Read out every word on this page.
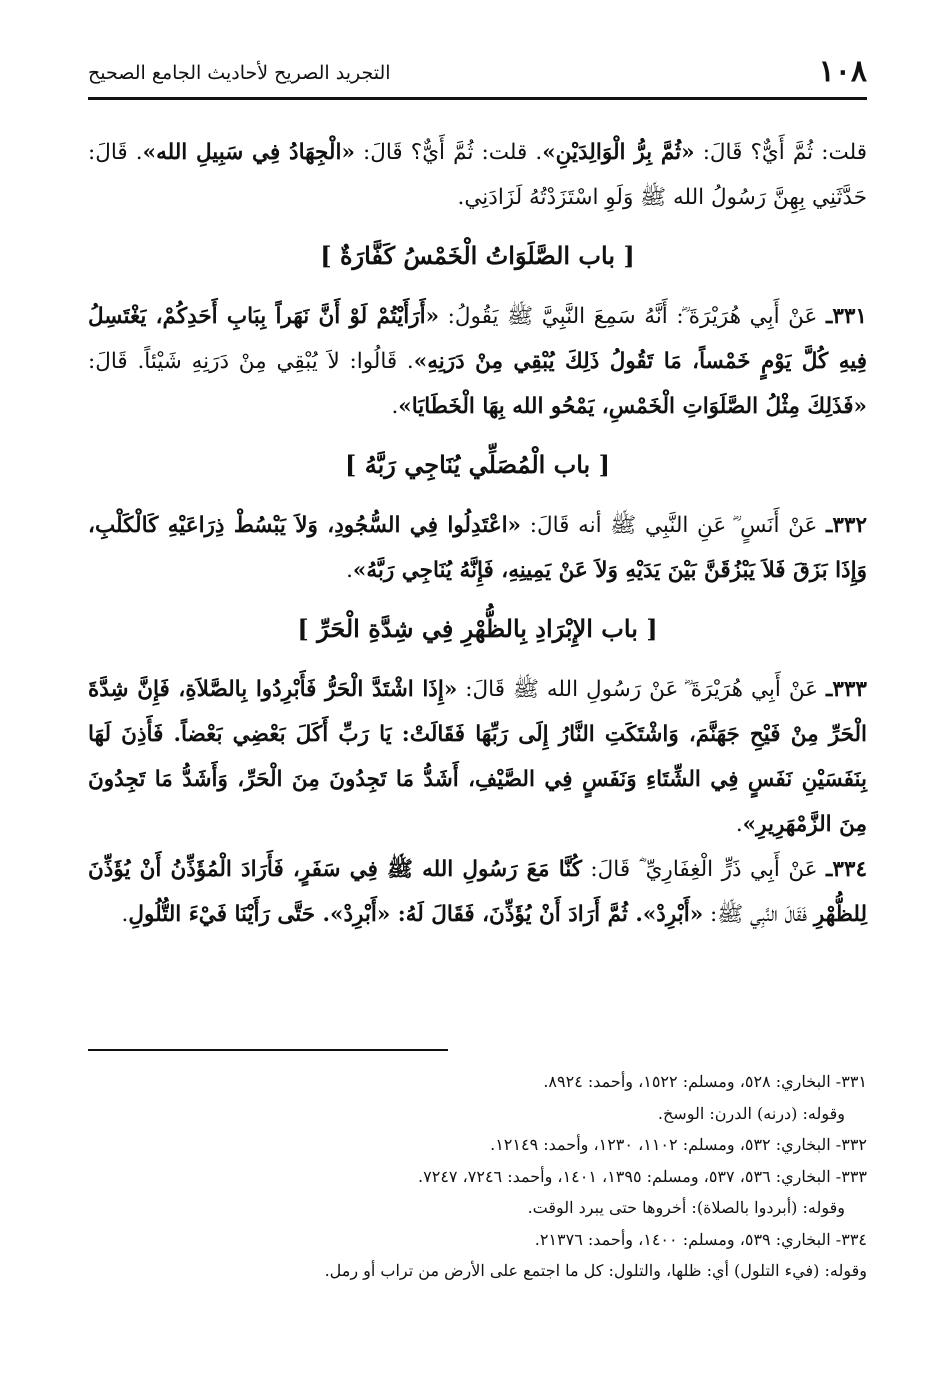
١٠٨
التجريد الصريح لأحاديث الجامع الصحيح

قلت: ثُمَّ أَيٌّ؟ قَالَ: «ثُمَّ بِرُّ الْوَالِدَيْنِ». قلت: ثُمَّ أَيٌّ؟ قَالَ: «الْجِهَادُ فِي سَبِيلِ الله». قَالَ: حَدَّثَنِي بِهِنَّ رَسُولُ الله ﷺ وَلَوِ اسْتَزَدْتُهُ لَزَادَنِي.

[ باب الصَّلَوَاتُ الْخَمْسُ كَفَّارَةٌ ]

٣٣١ـ عَنْ أَبِي هُرَيْرَةَ ؓ: أَنَّهُ سَمِعَ النَّبِيَّ ﷺ يَقُولُ: «أَرَأَيْتُمْ لَوْ أَنَّ نَهَراً بِبَابِ أَحَدِكُمْ، يَغْتَسِلُ فِيهِ كُلَّ يَوْمٍ خَمْساً، مَا تَقُولُ ذَلِكَ يُبْقِي مِنْ دَرَنِهِ». قَالُوا: لاَ يُبْقِي مِنْ دَرَنِهِ شَيْئاً. قَالَ: «فَذَلِكَ مِثْلُ الصَّلَوَاتِ الْخَمْسِ، يَمْحُو الله بِهَا الْخَطَايَا».

[ باب الْمُصَلِّي يُنَاجِي رَبَّهُ ]

٣٣٢ـ عَنْ أَنَسٍ ؓ عَنِ النَّبِي ﷺ أنه قَالَ: «اعْتَدِلُوا فِي السُّجُودِ، وَلاَ يَبْسُطْ ذِرَاعَيْهِ كَالْكَلْبِ، وَإِذَا بَزَقَ فَلاَ يَبْزُقَنَّ بَيْنَ يَدَيْهِ وَلاَ عَنْ يَمِينِهِ، فَإِنَّهُ يُنَاجِي رَبَّهُ».

[ باب الإِبْرَادِ بِالظُّهْرِ فِي شِدَّةِ الْحَرِّ ]

٣٣٣ـ عَنْ أَبِي هُرَيْرَةَ ؓ عَنْ رَسُولِ الله ﷺ قَالَ: «إِذَا اشْتَدَّ الْحَرُّ فَأَبْرِدُوا بِالصَّلاَةِ، فَإِنَّ شِدَّةَ الْحَرِّ مِنْ فَيْحِ جَهَنَّمَ، وَاشْتَكَتِ النَّارُ إِلَى رَبِّهَا فَقَالَتْ: يَا رَبِّ أَكَلَ بَعْضِي بَعْضاً. فَأَذِنَ لَهَا بِنَفَسَيْنِ نَفَسٍ فِي الشِّتَاءِ وَنَفَسٍ فِي الصَّيْفِ، أَشَدُّ مَا تَجِدُونَ مِنَ الْحَرِّ، وَأَشَدُّ مَا تَجِدُونَ مِنَ الزَّمْهَرِيرِ».

٣٣٤ـ عَنْ أَبِي ذَرٍّ الْغِفَارِيِّ ؓ قَالَ: كُنَّا مَعَ رَسُولِ الله ﷺ فِي سَفَرٍ، فَأَرَادَ الْمُؤَذِّنُ أَنْ يُؤَذِّنَ لِلظُّهْرِ فَقَالَ النَّبِي ﷺ: «أَبْرِدْ». ثُمَّ أَرَادَ أَنْ يُؤَذِّنَ، فَقَالَ لَهُ: «أَبْرِدْ». حَتَّى رَأَيْنَا فَيْءَ التُّلُولِ.

٣٣١- البخاري: ٥٢٨، ومسلم: ١٥٢٢، وأحمد: ٨٩٢٤.

وقوله: (درنه) الدرن: الوسخ.

٣٣٢- البخاري: ٥٣٢، ومسلم: ١١٠٢، ١٢٣٠، وأحمد: ١٢١٤٩.

٣٣٣- البخاري: ٥٣٦، ٥٣٧، ومسلم: ١٣٩٥، ١٤٠١، وأحمد: ٧٢٤٦، ٧٢٤٧.

وقوله: (أبردوا بالصلاة): أخروها حتى يبرد الوقت.

٣٣٤- البخاري: ٥٣٩، ومسلم: ١٤٠٠، وأحمد: ٢١٣٧٦.

وقوله: (فيء التلول) أي: ظلها، والتلول: كل ما اجتمع على الأرض من تراب أو رمل.
